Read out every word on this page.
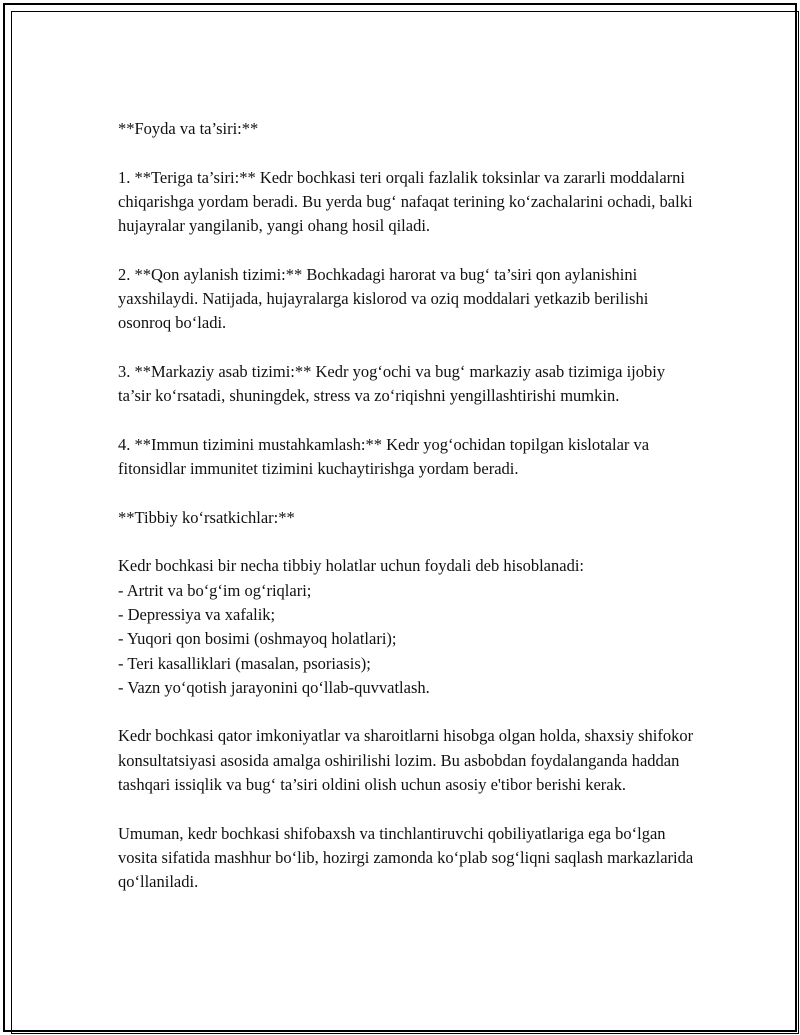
**Foyda va ta’siri:**

1. **Teriga ta’siri:** Kedr bochkasi teri orqali fazlalik toksinlar va zararli moddalarni chiqarishga yordam beradi. Bu yerda bug‘ nafaqat terining ko‘zachalarini ochadi, balki hujayralar yangilanib, yangi ohang hosil qiladi.

2. **Qon aylanish tizimi:** Bochkadagi harorat va bug‘ ta’siri qon aylanishini yaxshilaydi. Natijada, hujayralarga kislorod va oziq moddalari yetkazib berilishi osonroq bo‘ladi.

3. **Markaziy asab tizimi:** Kedr yog‘ochi va bug‘ markaziy asab tizimiga ijobiy ta’sir ko‘rsatadi, shuningdek, stress va zo‘riqishni yengillashtirishi mumkin.

4. **Immun tizimini mustahkamlash:** Kedr yog‘ochidan topilgan kislotalar va fitonsidlar immunitet tizimini kuchaytirishga yordam beradi.

**Tibbiy ko‘rsatkichlar:**

Kedr bochkasi bir necha tibbiy holatlar uchun foydali deb hisoblanadi:
- Artrit va bo‘g‘im og‘riqlari;
- Depressiya va xafalik;
- Yuqori qon bosimi (oshmayoq holatlari);
- Teri kasalliklari (masalan, psoriasis);
- Vazn yo‘qotish jarayonini qo‘llab-quvvatlash.

Kedr bochkasi qator imkoniyatlar va sharoitlarni hisobga olgan holda, shaxsiy shifokor konsultatsiyasi asosida amalga oshirilishi lozim. Bu asbobdan foydalanganda haddan tashqari issiqlik va bug‘ ta’siri oldini olish uchun asosiy e'tibor berishi kerak.

Umuman, kedr bochkasi shifobaxsh va tinchlantiruvchi qobiliyatlariga ega bo‘lgan vosita sifatida mashhur bo‘lib, hozirgi zamonda ko‘plab sog‘liqni saqlash markazlarida qo‘llaniladi.
